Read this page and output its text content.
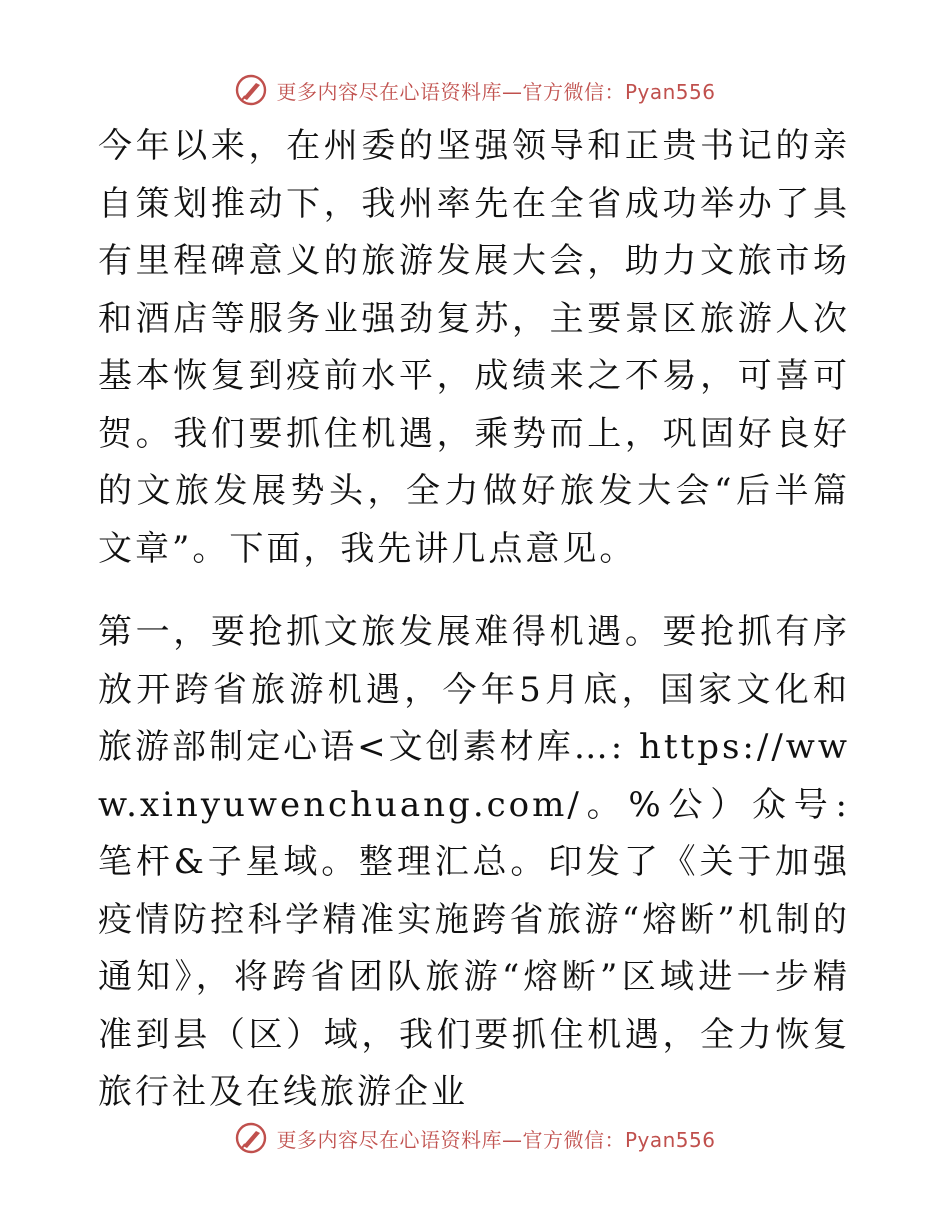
更多内容尽在心语资料库—官方微信：Pyan556

今年以来，在州委的坚强领导和正贵书记的亲自策划推动下，我州率先在全省成功举办了具有里程碑意义的旅游发展大会，助力文旅市场和酒店等服务业强劲复苏，主要景区旅游人次基本恢复到疫前水平，成绩来之不易，可喜可贺。我们要抓住机遇，乘势而上，巩固好良好的文旅发展势头，全力做好旅发大会“后半篇文章”。下面，我先讲几点意见。

第一，要抢抓文旅发展难得机遇。要抢抓有序放开跨省旅游机遇，今年5月底，国家文化和旅游部制定心语<文创素材库…: https://www.xinyuwenchuang.com/。%公）众号: 笔杆&子星域。整理汇总。印发了《关于加强疫情防控科学精准实施跨省旅游“熔断”机制的通知》，将跨省团队旅游“熔断”区域进一步精准到县（区）域，我们要抓住机遇，全力恢复旅行社及在线旅游企业

更多内容尽在心语资料库—官方微信：Pyan556
